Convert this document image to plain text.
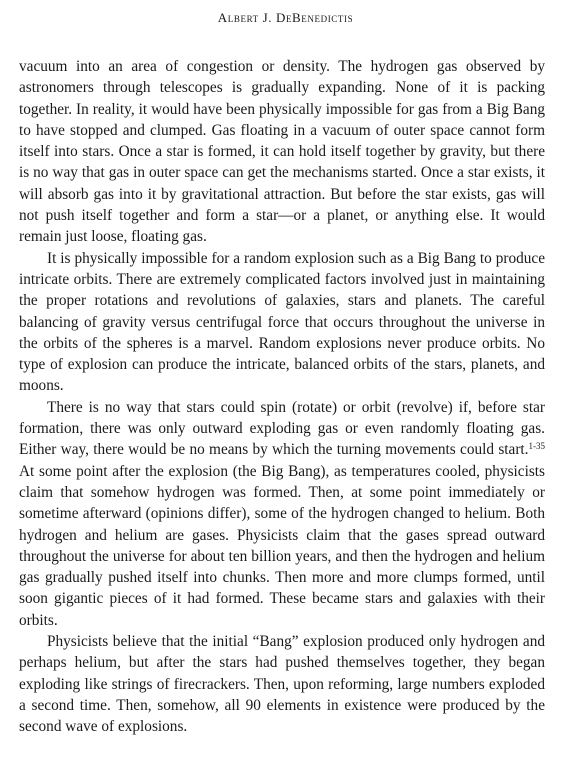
Albert J. DeBenedictis

vacuum into an area of congestion or density. The hydrogen gas observed by astronomers through telescopes is gradually expanding. None of it is packing together. In reality, it would have been physically impossible for gas from a Big Bang to have stopped and clumped. Gas floating in a vacuum of outer space cannot form itself into stars. Once a star is formed, it can hold itself together by gravity, but there is no way that gas in outer space can get the mechanisms started. Once a star exists, it will absorb gas into it by gravitational attraction. But before the star exists, gas will not push itself together and form a star—or a planet, or anything else. It would remain just loose, floating gas.

It is physically impossible for a random explosion such as a Big Bang to produce intricate orbits. There are extremely complicated factors involved just in maintaining the proper rotations and revolutions of galaxies, stars and planets. The careful balancing of gravity versus centrifugal force that occurs throughout the universe in the orbits of the spheres is a marvel. Random explosions never produce orbits. No type of explosion can produce the intricate, balanced orbits of the stars, planets, and moons.

There is no way that stars could spin (rotate) or orbit (revolve) if, before star formation, there was only outward exploding gas or even randomly floating gas. Either way, there would be no means by which the turning movements could start.$^{1-35}$ At some point after the explosion (the Big Bang), as temperatures cooled, physicists claim that somehow hydrogen was formed. Then, at some point immediately or sometime afterward (opinions differ), some of the hydrogen changed to helium. Both hydrogen and helium are gases. Physicists claim that the gases spread outward throughout the universe for about ten billion years, and then the hydrogen and helium gas gradually pushed itself into chunks. Then more and more clumps formed, until soon gigantic pieces of it had formed. These became stars and galaxies with their orbits.

Physicists believe that the initial “Bang” explosion produced only hydrogen and perhaps helium, but after the stars had pushed themselves together, they began exploding like strings of firecrackers. Then, upon reforming, large numbers exploded a second time. Then, somehow, all 90 elements in existence were produced by the second wave of explosions.
